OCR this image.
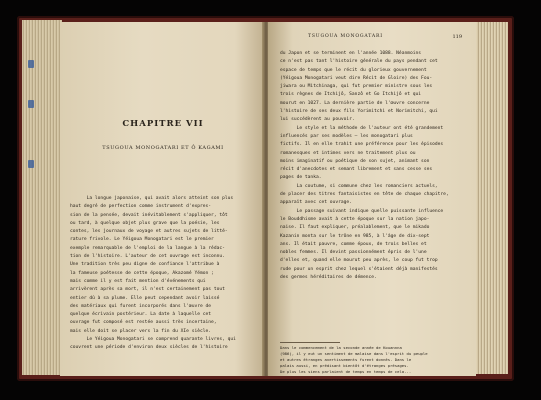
CHAPITRE VII
TSUGOUA MONOGATARI ET Ô KAGAMI
La longue japonaise, qui avait alors atteint son plus
haut degré de perfection comme instrument d'expres-
sion de la pensée, devait inévitablement s'appliquer, tôt
ou tard, à quelque objet plus grave que la poésie, les
contes, les journaux de voyage et autres sujets de litté-
rature frivole. Le Yéigoua Monogatari est le premier
exemple remarquable de l'emploi de la langue à la rédac-
tion de l'histoire. L'auteur de cet ouvrage est inconnu.
Une tradition très peu digne de confiance l'attribue à
la fameuse poétesse de cette époque, Akazomé Yémon ;
mais comme il y est fait mention d'événements qui
arrivèrent après sa mort, il n'est certainement pas tout
entier dû à sa plume. Elle peut cependant avoir laissé
des matériaux qui furent incorporés dans l'œuvre de
quelque écrivain postérieur. La date à laquelle cet
ouvrage fut composé est restée aussi très incertaine,
mais elle doit se placer vers la fin du XIe siècle.
Le Yéigoua Monogatari se comprend quarante livres, qui
couvrent une période d'environ deux siècles de l'histoire
TSUGOUA MONOGATARI	119
du Japon et se terminent en l'année 1088. Néanmoins
ce n'est pas tant l'histoire générale du pays pendant cet
espace de temps que le récit du glorieux gouvernement
(Yéigoua Monogatari veut dire Récit de Gloire) des Fou-
jiwara ou Mitchinaga, qui fut premier ministre sous les
trois règnes de Itchijô, Sanzô et Go Itchijô et qui
mourut en 1027. La dernière partie de l'œuvre concerne
l'histoire de ses deux fils Yorimitchi et Norimitchi, qui
lui succédèrent au pouvoir.
Le style et la méthode de l'auteur ont été grandement
influencés par ses modèles — les monogatari plus
fictifs. Il en elle trahit une préférence pour les épisodes
romanesques et intimes vers ne traitement plus ou
moins imaginatif ou poétique de son sujet, animant son
récit d'anecdotes et semant librement et sans cesse ses
pages de tanka.
La coutume, si commune chez les romanciers actuels,
de placer des titres fantaisistes en tête de chaque chapitre,
apparaît avec cet ouvrage.
Le passage suivant indique quelle puissante influence
le Bouddhisme avait à cette époque sur la nation japo-
naise. Il faut expliquer, préalablement, que le mikado
Kazanin monta sur le trône en 985, à l'âge de dix-sept
ans. Il était pauvre, comme époux, de trois belles et
nobles femmes. Il devint passionnément épris de l'une
d'elles et, quand elle mourut peu après, le coup fut trop
rude pour un esprit chez lequel s'étaient déjà manifestés
des germes héréditaires de démence.
Dans le commencement de la seconde année de Kouannna
(986), il y eut un sentiment de malaise dans l'esprit du peuple
et autres étranges avertissements furent donnés. Dans le
palais aussi, en prédisant bientôt d'étranges présages.
De plus les siens parlaient de temps en temps de cela...
